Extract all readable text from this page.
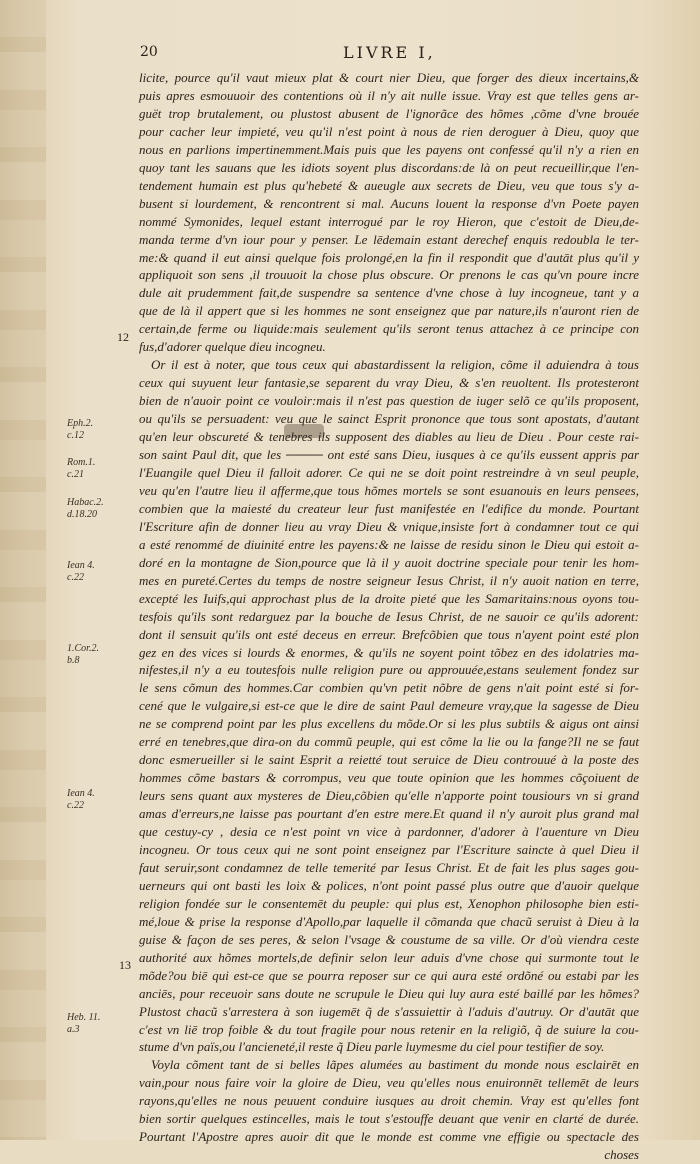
20	LIVRE I,
12
13
Eph.2.
c.12
Rom.1.
c.21
Habac.2.
d.18.20
Iean 4.
c.22
1.Cor.2.
b.8
Iean 4.
c.22
Heb. 11.
a.3
licite, pource qu'il vaut mieux plat & court nier Dieu, que forger des dieux incertains,&
puis apres esmouuoir des contentions où il n'y ait nulle issue. Vray est que telles gens ar-
guët trop brutalement, ou plustost abusent de l'ignorãce des hõmes ,cõme d'vne brouée
pour cacher leur impieté, veu qu'il n'est point à nous de rien deroguer à Dieu, quoy que
nous en parlions impertinemment.Mais puis que les payens ont confessé qu'il n'y a rien en
quoy tant les sauans que les idiots soyent plus discordans:de là on peut recueillir,que l'en-
tendement humain est plus qu'hebeté & aueugle aux secrets de Dieu, veu que tous s'y a-
busent si lourdement, & rencontrent si mal. Aucuns louent la response d'vn Poete payen
nommé Symonides, lequel estant interrogué par le roy Hieron, que c'estoit de Dieu,de-
manda terme d'vn iour pour y penser. Le lēdemain estant derechef enquis redoubla le ter-
me:& quand il eut ainsi quelque fois prolongé,en la fin il respondit que d'autāt plus qu'il y
appliquoit son sens ,il trouuoit la chose plus obscure. Or prenons le cas qu'vn poure incre
dule ait prudemment fait,de suspendre sa sentence d'vne chose à luy incogneue, tant y a
que de là il appert que si les hommes ne sont enseignez que par nature,ils n'auront rien de
certain,de ferme ou liquide:mais seulement qu'ils seront tenus attachez à ce principe con
fus,d'adorer quelque dieu incogneu.
Or il est à noter, que tous ceux qui abastardissent la religion, cõme il aduiendra à tous
ceux qui suyuent leur fantasie,se separent du vray Dieu, & s'en reuoltent. Ils protesteront
bien de n'auoir point ce vouloir:mais il n'est pas question de iuger selõ ce qu'ils proposent,
ou qu'ils se persuadent: veu que le sainct Esprit prononce que tous sont apostats, d'autant
qu'en leur obscureté & tenebres ils supposent des diables au lieu de Dieu . Pour ceste rai-
son saint Paul dit, que les ──── ont esté sans Dieu, iusques à ce qu'ils eussent appris par
l'Euangile quel Dieu il falloit adorer. Ce qui ne se doit point restreindre à vn seul peuple,
veu qu'en l'autre lieu il afferme,que tous hõmes mortels se sont esuanouis en leurs pensees,
combien que la maiesté du createur leur fust manifestée en l'edifice du monde. Pourtant
l'Escriture afin de donner lieu au vray Dieu & vnique,insiste fort à condamner tout ce qui
a esté renommé de diuinité entre les payens:& ne laisse de residu sinon le Dieu qui estoit a-
doré en la montagne de Sion,pource que là il y auoit doctrine speciale pour tenir les hom-
mes en pureté.Certes du temps de nostre seigneur Iesus Christ, il n'y auoit nation en terre,
excepté les Iuifs,qui approchast plus de la droite pieté que les Samaritains:nous oyons tou-
tesfois qu'ils sont redarguez par la bouche de Iesus Christ, de ne sauoir ce qu'ils adorent:
dont il sensuit qu'ils ont esté deceus en erreur. Brefcõbien que tous n'ayent point esté plon
gez en des vices si lourds & enormes, & qu'ils ne soyent point tõbez en des idolatries ma-
nifestes,il n'y a eu toutesfois nulle religion pure ou approuuée,estans seulement fondez sur
le sens cõmun des hommes.Car combien qu'vn petit nõbre de gens n'ait point esté si for-
cené que le vulgaire,si est-ce que le dire de saint Paul demeure vray,que la sagesse de Dieu
ne se comprend point par les plus excellens du mõde.Or si les plus subtils & aigus ont ainsi
erré en tenebres,que dira-on du commũ peuple, qui est cõme la lie ou la fange?Il ne se faut
donc esmerueiller si le saint Esprit a reietté tout seruice de Dieu controuué à la poste des
hommes cõme bastars & corrompus, veu que toute opinion que les hommes cõçoiuent de
leurs sens quant aux mysteres de Dieu,cõbien qu'elle n'apporte point tousiours vn si grand
amas d'erreurs,ne laisse pas pourtant d'en estre mere.Et quand il n'y auroit plus grand mal
que cestuy-cy , desia ce n'est point vn vice à pardonner, d'adorer à l'auenture vn Dieu
incogneu. Or tous ceux qui ne sont point enseignez par l'Escriture saincte à quel Dieu il
faut seruir,sont condamnez de telle temerité par Iesus Christ. Et de fait les plus sages gou-
uerneurs qui ont basti les loix & polices, n'ont point passé plus outre que d'auoir quelque
religion fondée sur le consentemēt du peuple: qui plus est, Xenophon philosophe bien esti-
mé,loue & prise la response d'Apollo,par laquelle il cõmanda que chacũ seruist à Dieu à la
guise & façon de ses peres, & selon l'vsage & coustume de sa ville. Or d'où viendra ceste
authorité aux hõmes mortels,de definir selon leur aduis d'vne chose qui surmonte tout le
mõde?ou biē qui est-ce que se pourra reposer sur ce qui aura esté ordõné ou estabi par les
anciēs, pour receuoir sans doute ne scrupule le Dieu qui luy aura esté baillé par les hõmes?
Plustost chacũ s'arrestera à son iugemēt q̃ de s'assuiettir à l'aduis d'autruy. Or d'autāt que
c'est vn liē trop foible & du tout fragile pour nous retenir en la religiõ, q̃ de suiure la cou-
stume d'vn païs,ou l'ancieneté,il reste q̃ Dieu parle luymesme du ciel pour testifier de soy.
Voyla cõment tant de si belles lãpes alumées au bastiment du monde nous esclairēt en
vain,pour nous faire voir la gloire de Dieu, veu qu'elles nous enuironnēt tellemēt de leurs
rayons,qu'elles ne nous peuuent conduire iusques au droit chemin. Vray est qu'elles font
bien sortir quelques estincelles, mais le tout s'estouffe deuant que venir en clarté de durée.
Pourtant l'Apostre apres auoir dit que le monde est comme vne effigie ou spectacle des
choses
